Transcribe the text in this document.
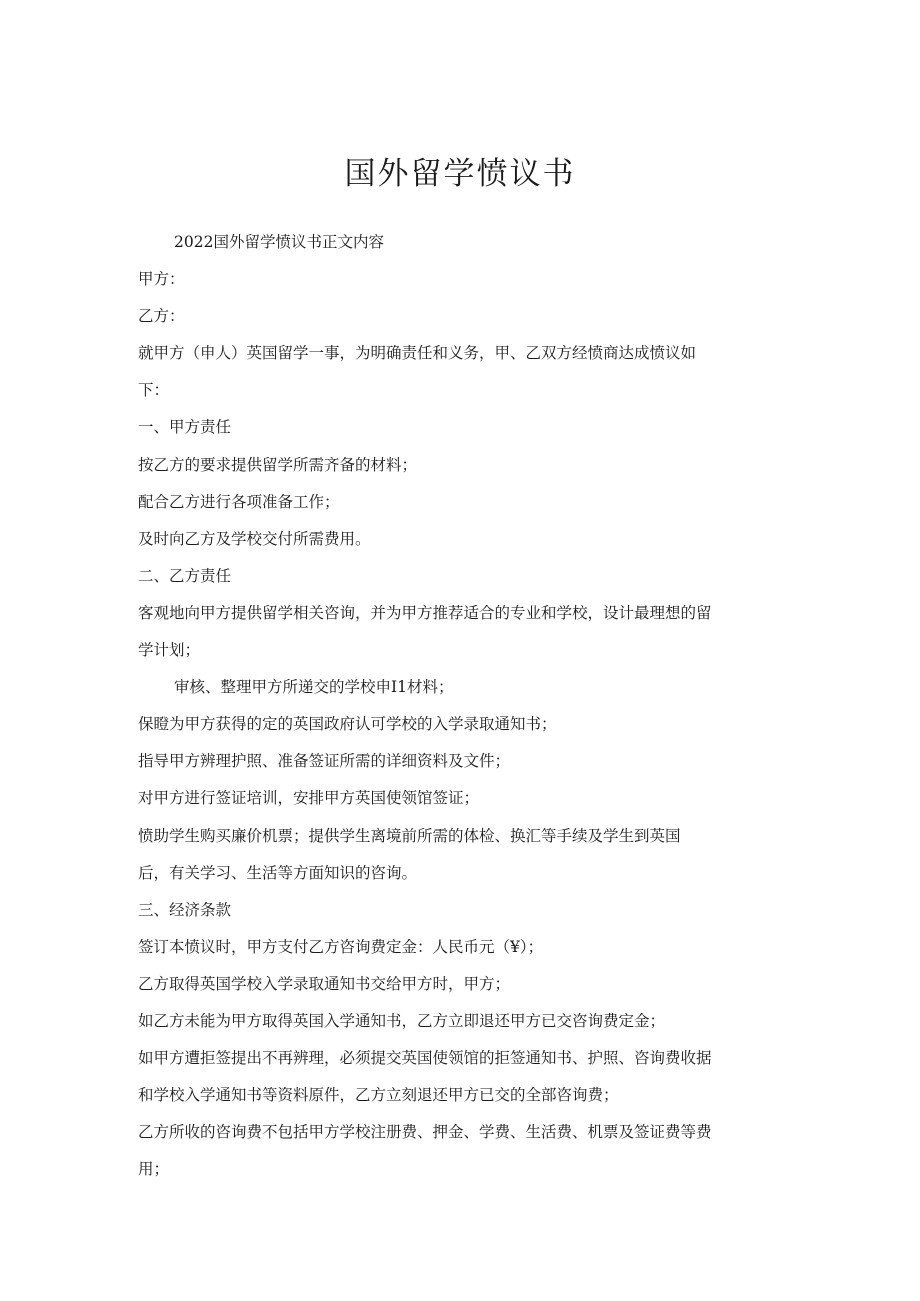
国外留学愤议书
2022国外留学愤议书正文内容
甲方：
乙方：
就甲方（申人）英国留学一事，为明确责任和义务，甲、乙双方经愤商达成愤议如
下：
一、甲方责任
按乙方的要求提供留学所需齐备的材料；
配合乙方进行各项准备工作；
及时向乙方及学校交付所需费用。
二、乙方责任
客观地向甲方提供留学相关咨询，并为甲方推荐适合的专业和学校，设计最理想的留
学计划；
审核、整理甲方所递交的学校申I1材料；
保瞪为甲方获得的定的英国政府认可学校的入学录取通知书；
指导甲方辨理护照、准备签证所需的详细资料及文件；
对甲方进行签证培训，安排甲方英国使领馆签证；
愤助学生购买廉价机票；提供学生离境前所需的体检、换汇等手续及学生到英国
后，有关学习、生活等方面知识的咨询。
三、经济条款
签订本愤议时，甲方支付乙方咨询费定金：人民币元（¥）；
乙方取得英国学校入学录取通知书交给甲方时，甲方；
如乙方未能为甲方取得英国入学通知书，乙方立即退还甲方已交咨询费定金；
如甲方遭拒签提出不再辨理，必须提交英国使领馆的拒签通知书、护照、咨询费收据
和学校入学通知书等资料原件，乙方立刻退还甲方已交的全部咨询费；
乙方所收的咨询费不包括甲方学校注册费、押金、学费、生活费、机票及签证费等费
用；
